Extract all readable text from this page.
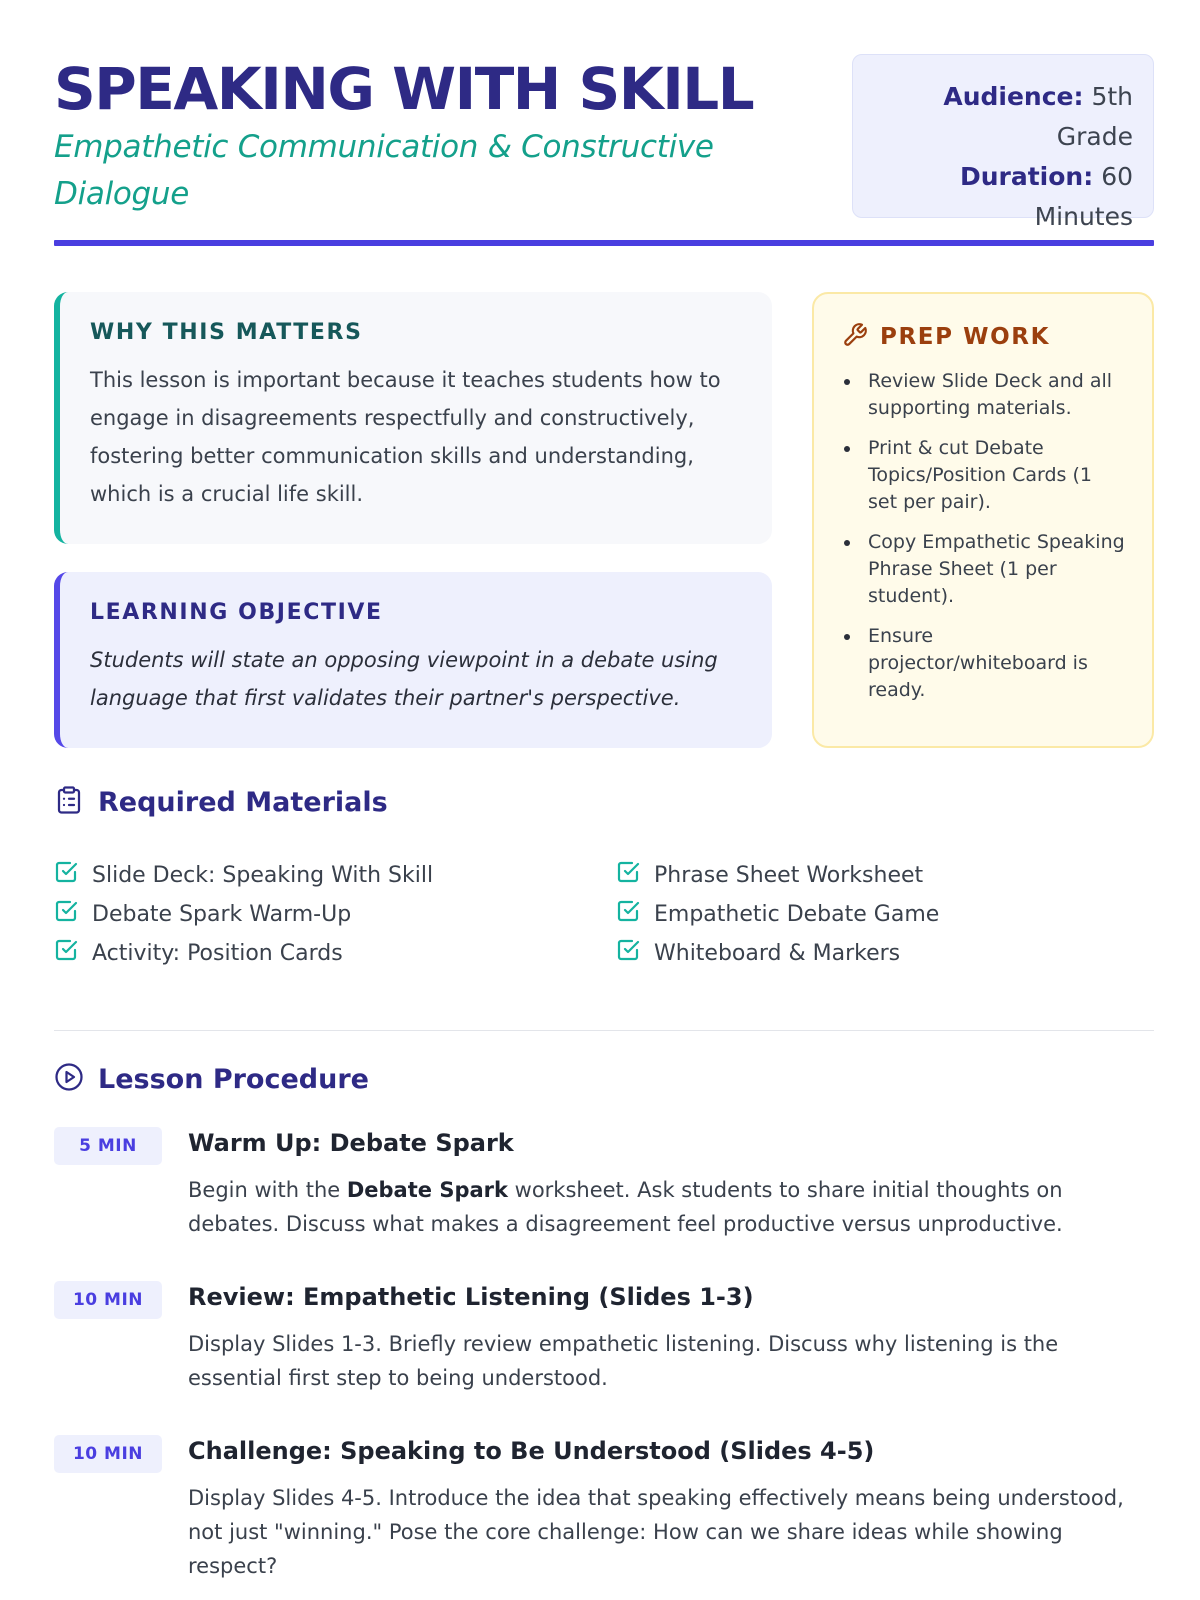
SPEAKING WITH SKILL
Empathetic Communication & Constructive Dialogue
Audience: 5th Grade
Duration: 60
Minutes
WHY THIS MATTERS

This lesson is important because it teaches students how to engage in disagreements respectfully and constructively, fostering better communication skills and understanding, which is a crucial life skill.

LEARNING OBJECTIVE

Students will state an opposing viewpoint in a debate using language that first validates their partner's perspective.

PREP WORK
Review Slide Deck and all supporting materials.
Print & cut Debate Topics/Position Cards (1 set per pair).
Copy Empathetic Speaking Phrase Sheet (1 per student).
Ensure projector/whiteboard is ready.
Required Materials
Slide Deck: Speaking With Skill
Debate Spark Warm-Up
Activity: Position Cards
Phrase Sheet Worksheet
Empathetic Debate Game
Whiteboard & Markers
Lesson Procedure
5 MIN	Warm Up: Debate Spark
Begin with the Debate Spark worksheet. Ask students to share initial thoughts on debates. Discuss what makes a disagreement feel productive versus unproductive.
10 MIN	Review: Empathetic Listening (Slides 1-3)
Display Slides 1-3. Briefly review empathetic listening. Discuss why listening is the essential first step to being understood.
10 MIN	Challenge: Speaking to Be Understood (Slides 4-5)
Display Slides 4-5. Introduce the idea that speaking effectively means being understood, not just "winning." Pose the core challenge: How can we share ideas while showing respect?
